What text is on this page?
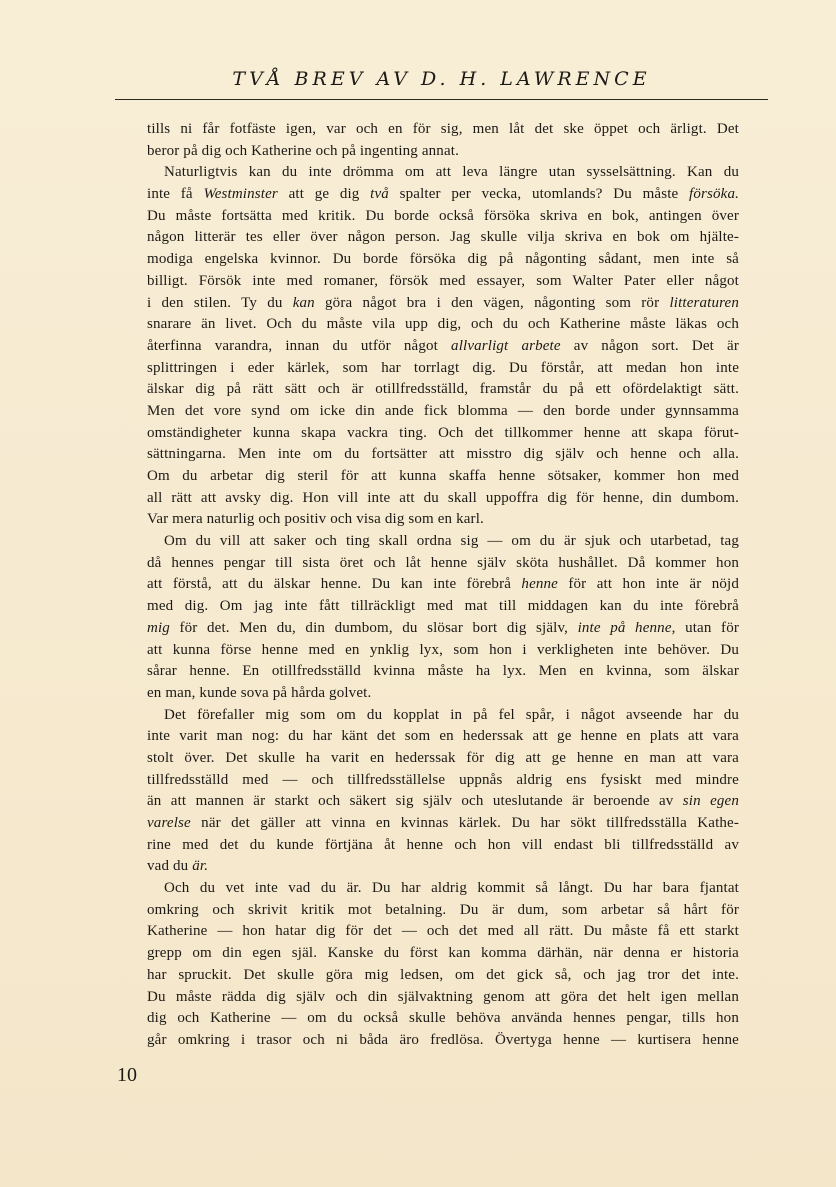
TVÅ BREV AV D. H. LAWRENCE
tills ni får fotfäste igen, var och en för sig, men låt det ske öppet och ärligt. Det
beror på dig och Katherine och på ingenting annat.
Naturligtvis kan du inte drömma om att leva längre utan sysselsättning. Kan du
inte få Westminster att ge dig två spalter per vecka, utomlands? Du måste försöka.
Du måste fortsätta med kritik. Du borde också försöka skriva en bok, antingen över
någon litterär tes eller över någon person. Jag skulle vilja skriva en bok om hjälte-
modiga engelska kvinnor. Du borde försöka dig på någonting sådant, men inte så
billigt. Försök inte med romaner, försök med essayer, som Walter Pater eller något
i den stilen. Ty du kan göra något bra i den vägen, någonting som rör litteraturen
snarare än livet. Och du måste vila upp dig, och du och Katherine måste läkas och
återfinna varandra, innan du utför något allvarligt arbete av någon sort. Det är
splittringen i eder kärlek, som har torrlagt dig. Du förstår, att medan hon inte
älskar dig på rätt sätt och är otillfredsställd, framstår du på ett ofördelaktigt sätt.
Men det vore synd om icke din ande fick blomma — den borde under gynnsamma
omständigheter kunna skapa vackra ting. Och det tillkommer henne att skapa förut-
sättningarna. Men inte om du fortsätter att misstro dig själv och henne och alla.
Om du arbetar dig steril för att kunna skaffa henne sötsaker, kommer hon med
all rätt att avsky dig. Hon vill inte att du skall uppoffra dig för henne, din dumbom.
Var mera naturlig och positiv och visa dig som en karl.
Om du vill att saker och ting skall ordna sig — om du är sjuk och utarbetad, tag
då hennes pengar till sista öret och låt henne själv sköta hushållet. Då kommer hon
att förstå, att du älskar henne. Du kan inte förebrå henne för att hon inte är nöjd
med dig. Om jag inte fått tillräckligt med mat till middagen kan du inte förebrå
mig för det. Men du, din dumbom, du slösar bort dig själv, inte på henne, utan för
att kunna förse henne med en ynklig lyx, som hon i verkligheten inte behöver. Du
sårar henne. En otillfredsställd kvinna måste ha lyx. Men en kvinna, som älskar
en man, kunde sova på hårda golvet.
Det förefaller mig som om du kopplat in på fel spår, i något avseende har du
inte varit man nog: du har känt det som en hederssak att ge henne en plats att vara
stolt över. Det skulle ha varit en hederssak för dig att ge henne en man att vara
tillfredsställd med — och tillfredsställelse uppnås aldrig ens fysiskt med mindre
än att mannen är starkt och säkert sig själv och uteslutande är beroende av sin egen
varelse när det gäller att vinna en kvinnas kärlek. Du har sökt tillfredsställa Kathe-
rine med det du kunde förtjäna åt henne och hon vill endast bli tillfredsställd av
vad du är.
Och du vet inte vad du är. Du har aldrig kommit så långt. Du har bara fjantat
omkring och skrivit kritik mot betalning. Du är dum, som arbetar så hårt för
Katherine — hon hatar dig för det — och det med all rätt. Du måste få ett starkt
grepp om din egen själ. Kanske du först kan komma därhän, när denna er historia
har spruckit. Det skulle göra mig ledsen, om det gick så, och jag tror det inte.
Du måste rädda dig själv och din självaktning genom att göra det helt igen mellan
dig och Katherine — om du också skulle behöva använda hennes pengar, tills hon
går omkring i trasor och ni båda äro fredlösa. Övertyga henne — kurtisera henne
10
